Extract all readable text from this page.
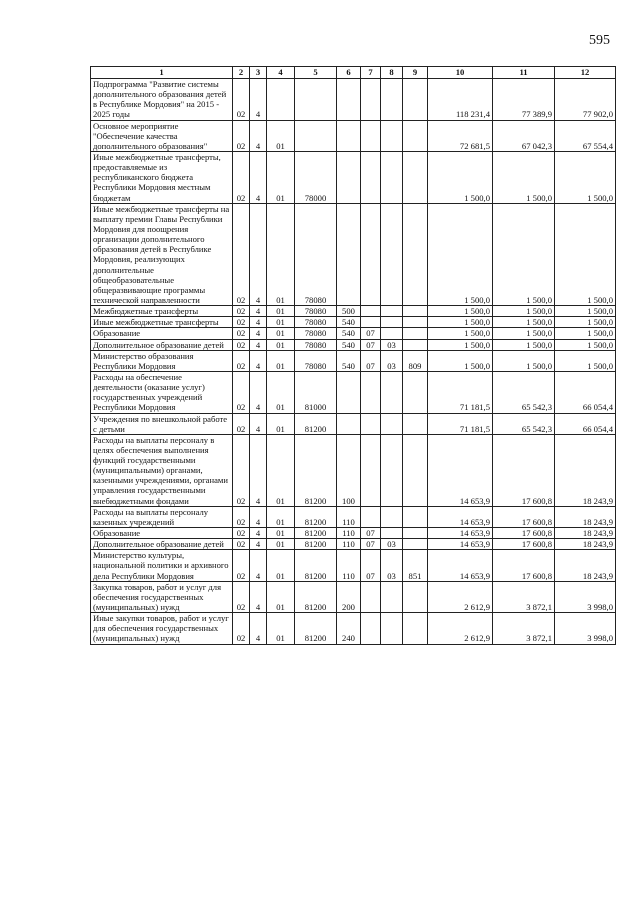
595
1	2	3	4	5	6	7	8	9	10	11	12
Подпрограмма "Развитие системы дополнительного образования детей в Республике Мордовия" на 2015 - 2025 годы	02	4							118 231,4	77 389,9	77 902,0
Основное мероприятие "Обеспечение качества дополнительного образования"	02	4	01						72 681,5	67 042,3	67 554,4
Иные межбюджетные трансферты, предоставляемые из республиканского бюджета Республики Мордовия местным бюджетам	02	4	01	78000					1 500,0	1 500,0	1 500,0
Иные межбюджетные трансферты на выплату премии Главы Республики Мордовия для поощрения организации дополнительного образования детей в Республике Мордовия, реализующих дополнительные общеобразовательные общеразвивающие программы технической направленности	02	4	01	78080					1 500,0	1 500,0	1 500,0
Межбюджетные трансферты	02	4	01	78080	500				1 500,0	1 500,0	1 500,0
Иные межбюджетные трансферты	02	4	01	78080	540				1 500,0	1 500,0	1 500,0
Образование	02	4	01	78080	540	07			1 500,0	1 500,0	1 500,0
Дополнительное образование детей	02	4	01	78080	540	07	03		1 500,0	1 500,0	1 500,0
Министерство образования Республики Мордовия	02	4	01	78080	540	07	03	809	1 500,0	1 500,0	1 500,0
Расходы на обеспечение деятельности (оказание услуг) государственных учреждений Республики Мордовия	02	4	01	81000					71 181,5	65 542,3	66 054,4
Учреждения по внешкольной работе с детьми	02	4	01	81200					71 181,5	65 542,3	66 054,4
Расходы на выплаты персоналу в целях обеспечения выполнения функций государственными (муниципальными) органами, казенными учреждениями, органами управления государственными внебюджетными фондами	02	4	01	81200	100				14 653,9	17 600,8	18 243,9
Расходы на выплаты персоналу казенных учреждений	02	4	01	81200	110				14 653,9	17 600,8	18 243,9
Образование	02	4	01	81200	110	07			14 653,9	17 600,8	18 243,9
Дополнительное образование детей	02	4	01	81200	110	07	03		14 653,9	17 600,8	18 243,9
Министерство культуры, национальной политики и архивного дела Республики Мордовия	02	4	01	81200	110	07	03	851	14 653,9	17 600,8	18 243,9
Закупка товаров, работ и услуг для обеспечения государственных (муниципальных) нужд	02	4	01	81200	200				2 612,9	3 872,1	3 998,0
Иные закупки товаров, работ и услуг для обеспечения государственных (муниципальных) нужд	02	4	01	81200	240				2 612,9	3 872,1	3 998,0
